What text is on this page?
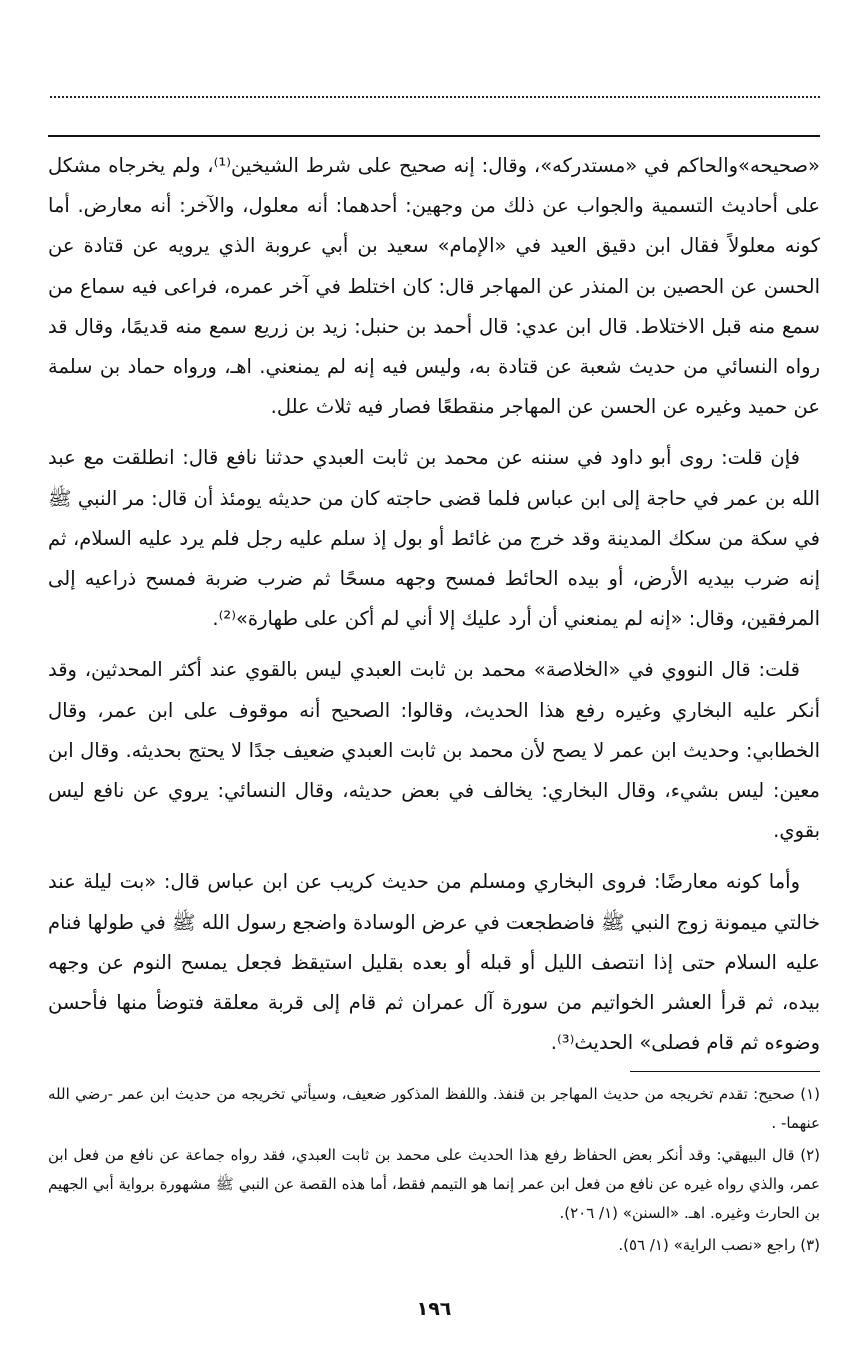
«صحيحه»والحاكم في «مستدركه»، وقال: إنه صحيح على شرط الشيخين⁽¹⁾، ولم يخرجاه مشكل على أحاديث التسمية والجواب عن ذلك من وجهين: أحدهما: أنه معلول، والآخر: أنه معارض. أما كونه معلولاً فقال ابن دقيق العيد في «الإمام» سعيد بن أبي عروبة الذي يرويه عن قتادة عن الحسن عن الحصين بن المنذر عن المهاجر قال: كان اختلط في آخر عمره، فراعى فيه سماع من سمع منه قبل الاختلاط. قال ابن عدي: قال أحمد بن حنبل: زيد بن زريع سمع منه قديمًا، وقال قد رواه النسائي من حديث شعبة عن قتادة به، وليس فيه إنه لم يمنعني. اهـ، ورواه حماد بن سلمة عن حميد وغيره عن الحسن عن المهاجر منقطعًا فصار فيه ثلاث علل.

فإن قلت: روى أبو داود في سننه عن محمد بن ثابت العبدي حدثنا نافع قال: انطلقت مع عبد الله بن عمر في حاجة إلى ابن عباس فلما قضى حاجته كان من حديثه يومئذ أن قال: مر النبي ﷺ في سكة من سكك المدينة وقد خرج من غائط أو بول إذ سلم عليه رجل فلم يرد عليه السلام، ثم إنه ضرب بيديه الأرض، أو بيده الحائط فمسح وجهه مسحًا ثم ضرب ضربة فمسح ذراعيه إلى المرفقين، وقال: «إنه لم يمنعني أن أرد عليك إلا أني لم أكن على طهارة»⁽²⁾.

قلت: قال النووي في «الخلاصة» محمد بن ثابت العبدي ليس بالقوي عند أكثر المحدثين، وقد أنكر عليه البخاري وغيره رفع هذا الحديث، وقالوا: الصحيح أنه موقوف على ابن عمر، وقال الخطابي: وحديث ابن عمر لا يصح لأن محمد بن ثابت العبدي ضعيف جدًا لا يحتج بحديثه. وقال ابن معين: ليس بشيء، وقال البخاري: يخالف في بعض حديثه، وقال النسائي: يروي عن نافع ليس بقوي.

وأما كونه معارضًا: فروى البخاري ومسلم من حديث كريب عن ابن عباس قال: «بت ليلة عند خالتي ميمونة زوج النبي ﷺ فاضطجعت في عرض الوسادة واضجع رسول الله ﷺ في طولها فنام عليه السلام حتى إذا انتصف الليل أو قبله أو بعده بقليل استيقظ فجعل يمسح النوم عن وجهه بيده، ثم قرأ العشر الخواتيم من سورة آل عمران ثم قام إلى قربة معلقة فتوضأ منها فأحسن وضوءه ثم قام فصلى» الحديث⁽³⁾.

(١) صحيح: تقدم تخريجه من حديث المهاجر بن قنفذ. واللفظ المذكور ضعيف، وسيأتي تخريجه من حديث ابن عمر -رضي الله عنهما- .

(٢) قال البيهقي: وقد أنكر بعض الحفاظ رفع هذا الحديث على محمد بن ثابت العبدي، فقد رواه جماعة عن نافع من فعل ابن عمر، والذي رواه غيره عن نافع من فعل ابن عمر إنما هو التيمم فقط، أما هذه القصة عن النبي ﷺ مشهورة برواية أبي الجهيم بن الحارث وغيره. اهـ. «السنن» (١/ ٢٠٦).

(٣) راجع «نصب الراية» (١/ ٥٦).

١٩٦
